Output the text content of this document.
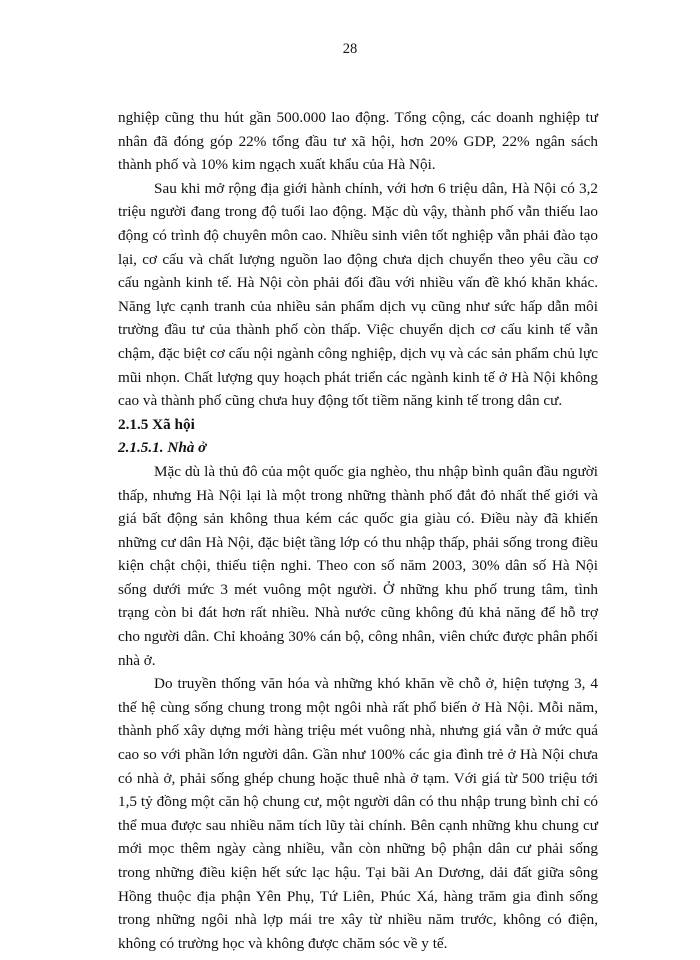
28

nghiệp cũng thu hút gần 500.000 lao động. Tổng cộng, các doanh nghiệp tư nhân đã đóng góp 22% tổng đầu tư xã hội, hơn 20% GDP, 22% ngân sách thành phố và 10% kim ngạch xuất khẩu của Hà Nội.

Sau khi mở rộng địa giới hành chính, với hơn 6 triệu dân, Hà Nội có 3,2 triệu người đang trong độ tuổi lao động. Mặc dù vậy, thành phố vẫn thiếu lao động có trình độ chuyên môn cao. Nhiều sinh viên tốt nghiệp vẫn phải đào tạo lại, cơ cấu và chất lượng nguồn lao động chưa dịch chuyển theo yêu cầu cơ cấu ngành kinh tế. Hà Nội còn phải đối đầu với nhiều vấn đề khó khăn khác. Năng lực cạnh tranh của nhiều sản phẩm dịch vụ cũng như sức hấp dẫn môi trường đầu tư của thành phố còn thấp. Việc chuyển dịch cơ cấu kinh tế vẫn chậm, đặc biệt cơ cấu nội ngành công nghiệp, dịch vụ và các sản phẩm chủ lực mũi nhọn. Chất lượng quy hoạch phát triển các ngành kinh tế ở Hà Nội không cao và thành phố cũng chưa huy động tốt tiềm năng kinh tế trong dân cư.

2.1.5 Xã hội

2.1.5.1. Nhà ở

Mặc dù là thủ đô của một quốc gia nghèo, thu nhập bình quân đầu người thấp, nhưng Hà Nội lại là một trong những thành phố đắt đỏ nhất thế giới và giá bất động sản không thua kém các quốc gia giàu có. Điều này đã khiến những cư dân Hà Nội, đặc biệt tầng lớp có thu nhập thấp, phải sống trong điều kiện chật chội, thiếu tiện nghi. Theo con số năm 2003, 30% dân số Hà Nội sống dưới mức 3 mét vuông một người. Ở những khu phố trung tâm, tình trạng còn bi đát hơn rất nhiều. Nhà nước cũng không đủ khả năng để hỗ trợ cho người dân. Chỉ khoảng 30% cán bộ, công nhân, viên chức được phân phối nhà ở.

Do truyền thống văn hóa và những khó khăn về chỗ ở, hiện tượng 3, 4 thế hệ cùng sống chung trong một ngôi nhà rất phổ biến ở Hà Nội. Mỗi năm, thành phố xây dựng mới hàng triệu mét vuông nhà, nhưng giá vẫn ở mức quá cao so với phần lớn người dân. Gần như 100% các gia đình trẻ ở Hà Nội chưa có nhà ở, phải sống ghép chung hoặc thuê nhà ở tạm. Với giá từ 500 triệu tới 1,5 tỷ đồng một căn hộ chung cư, một người dân có thu nhập trung bình chỉ có thể mua được sau nhiều năm tích lũy tài chính. Bên cạnh những khu chung cư mới mọc thêm ngày càng nhiều, vẫn còn những bộ phận dân cư phải sống trong những điều kiện hết sức lạc hậu. Tại bãi An Dương, dải đất giữa sông Hồng thuộc địa phận Yên Phụ, Tứ Liên, Phúc Xá, hàng trăm gia đình sống trong những ngôi nhà lợp mái tre xây từ nhiều năm trước, không có điện, không có trường học và không được chăm sóc về y tế.
